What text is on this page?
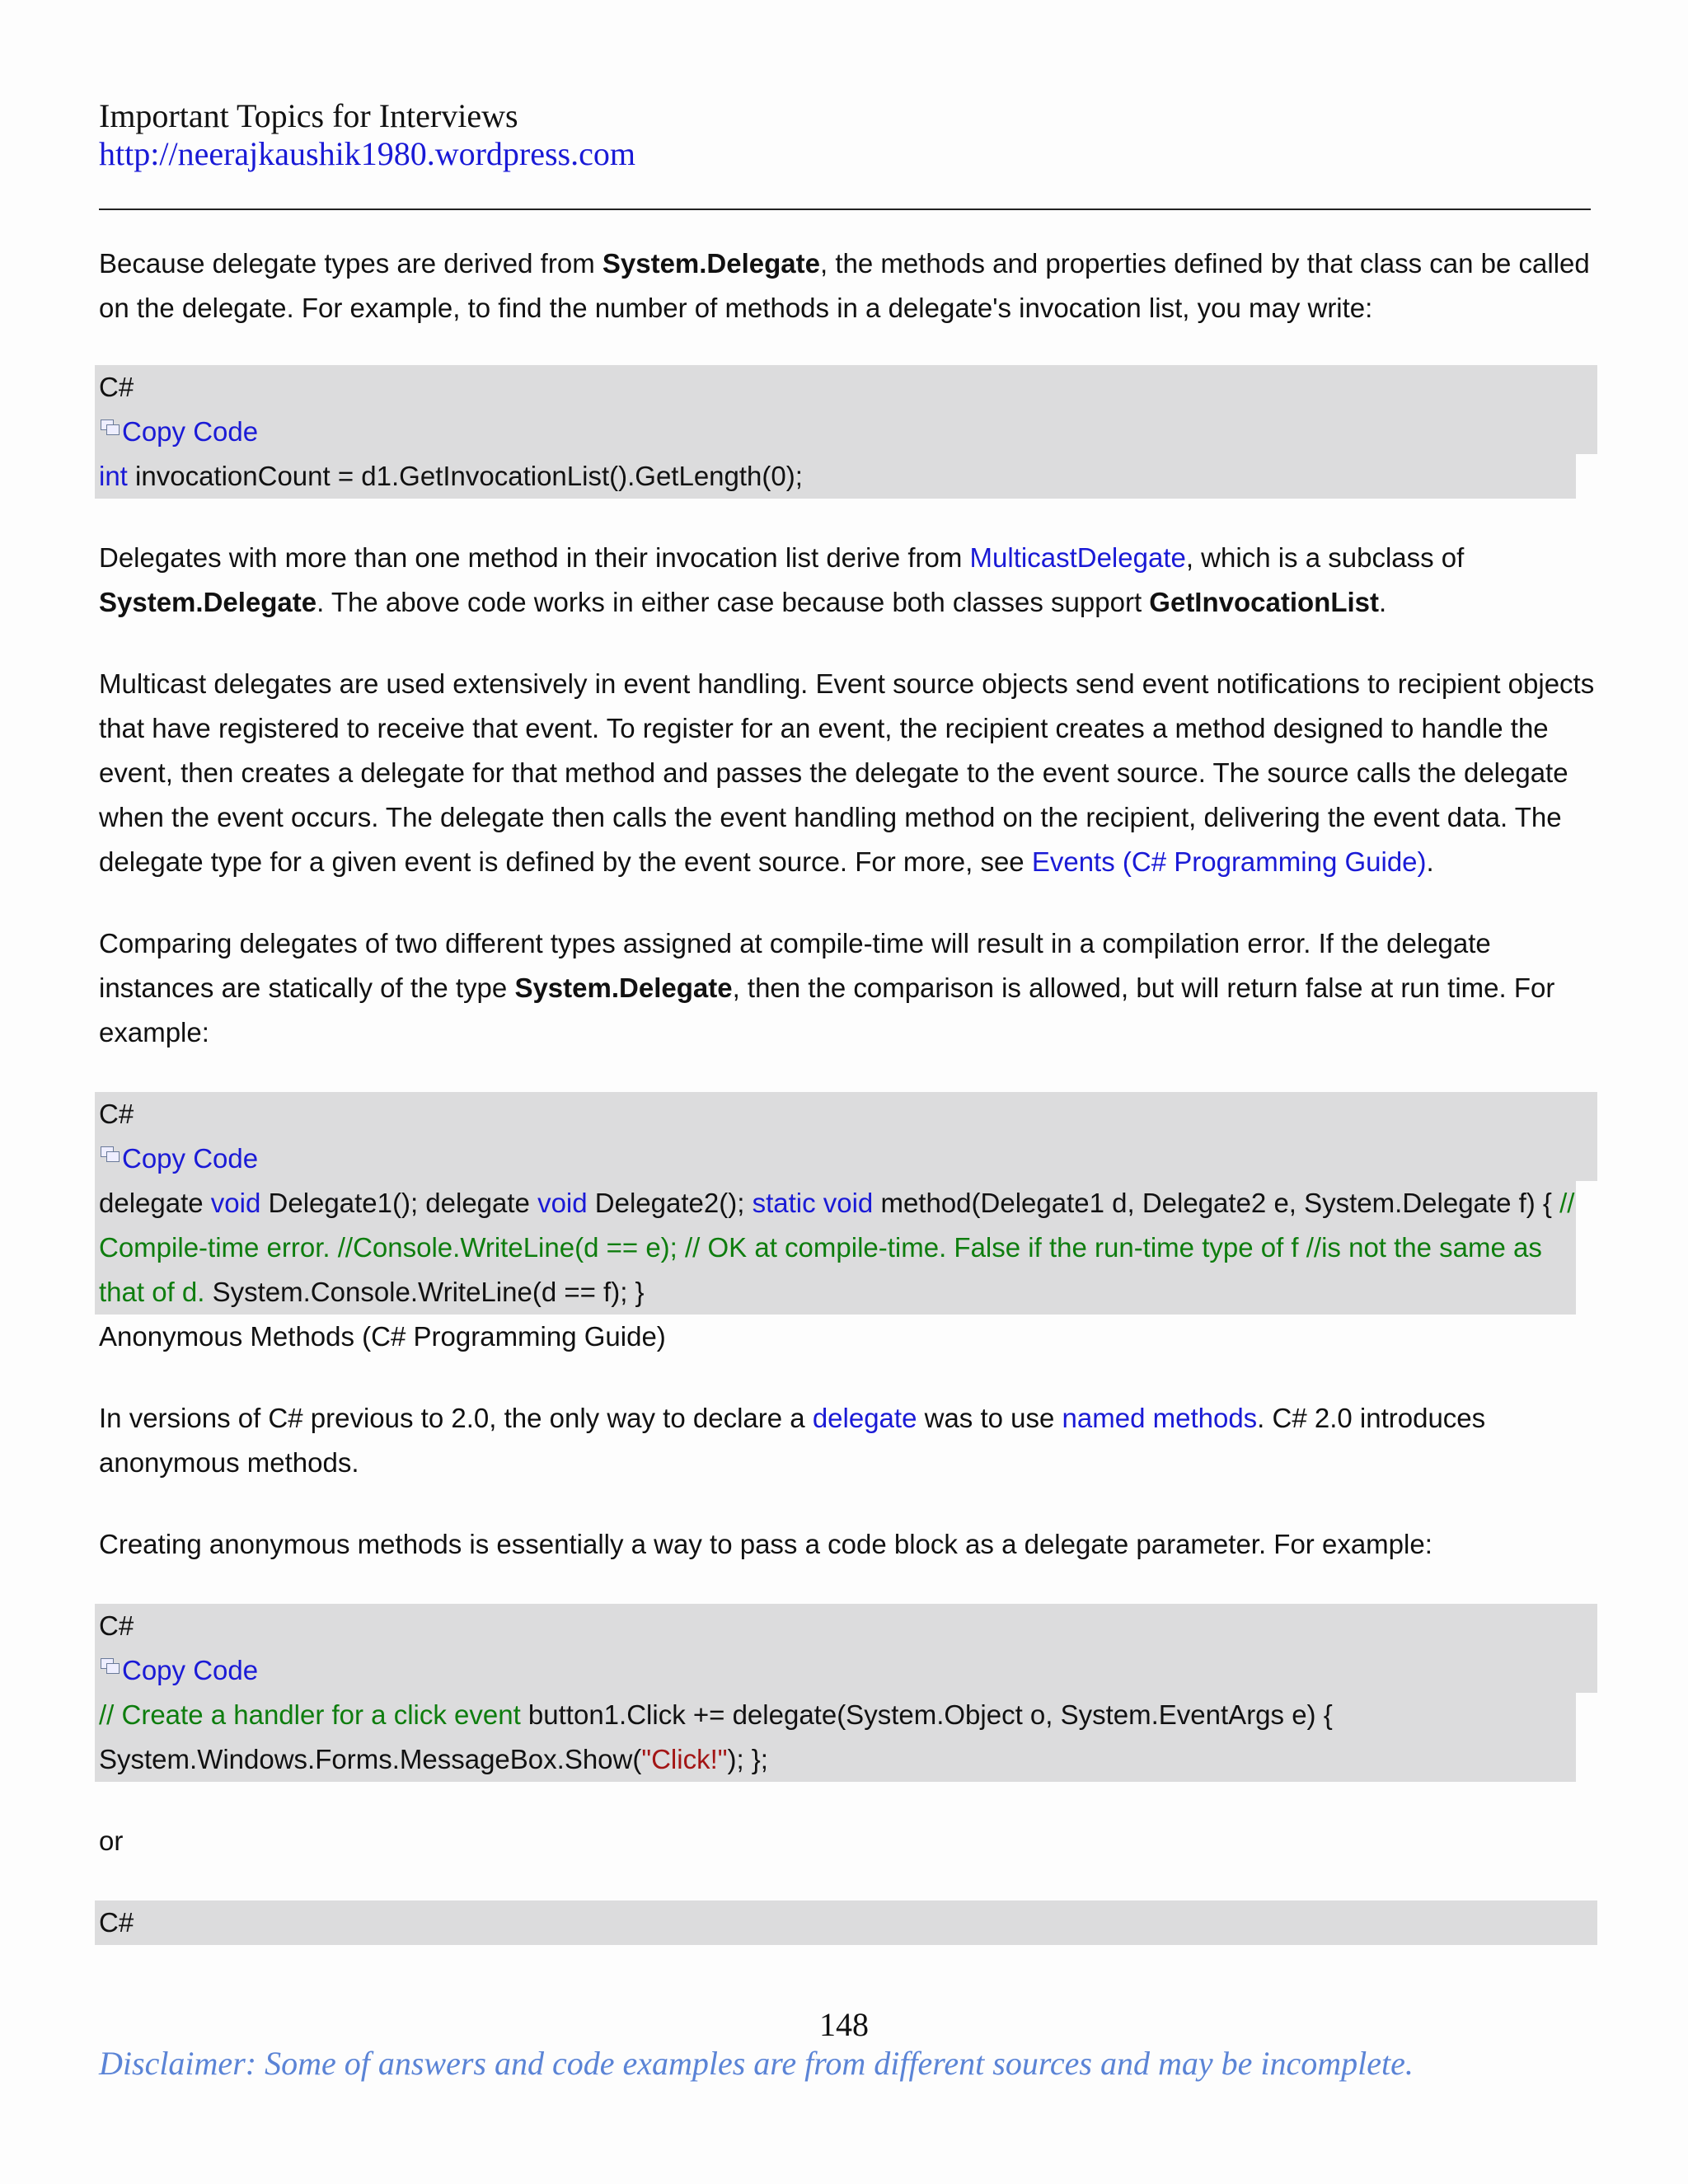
Important Topics for Interviews
http://neerajkaushik1980.wordpress.com

Because delegate types are derived from System.Delegate, the methods and properties defined by that class can be called on the delegate. For example, to find the number of methods in a delegate's invocation list, you may write:

C#
Copy Code
int invocationCount = d1.GetInvocationList().GetLength(0);

Delegates with more than one method in their invocation list derive from MulticastDelegate, which is a subclass of System.Delegate. The above code works in either case because both classes support GetInvocationList.

Multicast delegates are used extensively in event handling. Event source objects send event notifications to recipient objects that have registered to receive that event. To register for an event, the recipient creates a method designed to handle the event, then creates a delegate for that method and passes the delegate to the event source. The source calls the delegate when the event occurs. The delegate then calls the event handling method on the recipient, delivering the event data. The delegate type for a given event is defined by the event source. For more, see Events (C# Programming Guide).

Comparing delegates of two different types assigned at compile-time will result in a compilation error. If the delegate instances are statically of the type System.Delegate, then the comparison is allowed, but will return false at run time. For example:

C#
Copy Code
delegate void Delegate1(); delegate void Delegate2(); static void method(Delegate1 d, Delegate2 e, System.Delegate f) { // Compile-time error. //Console.WriteLine(d == e); // OK at compile-time. False if the run-time type of f //is not the same as that of d. System.Console.WriteLine(d == f); }

Anonymous Methods (C# Programming Guide)

In versions of C# previous to 2.0, the only way to declare a delegate was to use named methods. C# 2.0 introduces anonymous methods.

Creating anonymous methods is essentially a way to pass a code block as a delegate parameter. For example:

C#
Copy Code
// Create a handler for a click event button1.Click += delegate(System.Object o, System.EventArgs e) { System.Windows.Forms.MessageBox.Show("Click!"); };

or

C#
148
Disclaimer: Some of answers and code examples are from different sources and may be incomplete.
